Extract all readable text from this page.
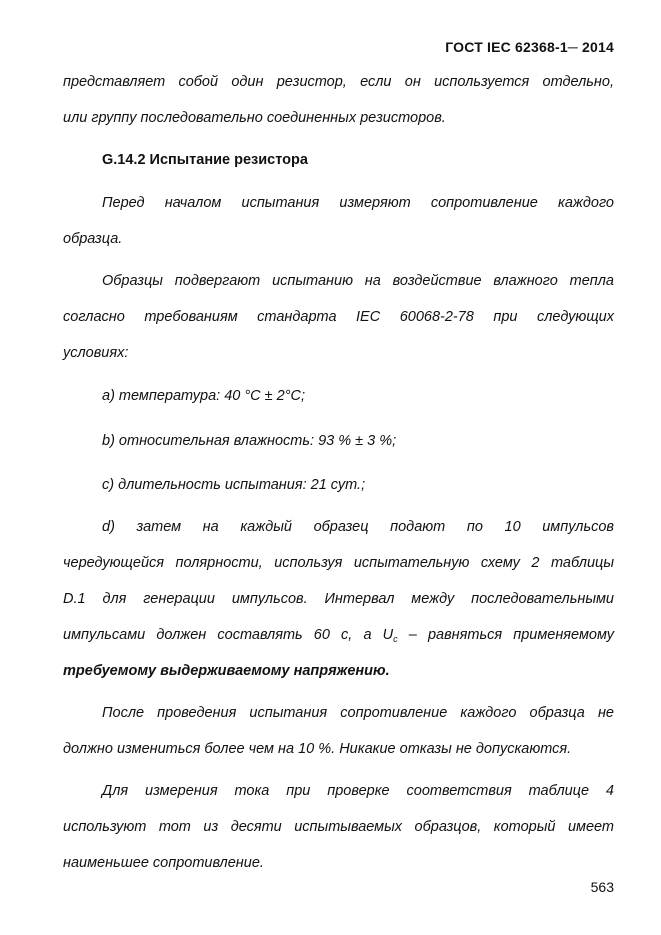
ГОСТ IEC 62368-1─ 2014
представляет собой один резистор, если он используется отдельно,
или группу последовательно соединенных резисторов.
G.14.2 Испытание резистора
Перед началом испытания измеряют сопротивление каждого
образца.
Образцы подвергают испытанию на воздействие влажного тепла
согласно требованиям стандарта IEC 60068-2-78 при следующих
условиях:
a) температура: 40 °С ± 2°С;
b) относительная влажность: 93 % ± 3 %;
c) длительность испытания: 21 сут.;
d) затем на каждый образец подают по 10 импульсов
чередующейся полярности, используя испытательную схему 2 таблицы
D.1 для генерации импульсов. Интервал между последовательными
импульсами должен составлять 60 с, а $U_c$ – равняться применяемому
требуемому выдерживаемому напряжению.
После проведения испытания сопротивление каждого образца не
должно измениться более чем на 10 %. Никакие отказы не допускаются.
Для измерения тока при проверке соответствия таблице 4
используют тот из десяти испытываемых образцов, который имеет
наименьшее сопротивление.
563
